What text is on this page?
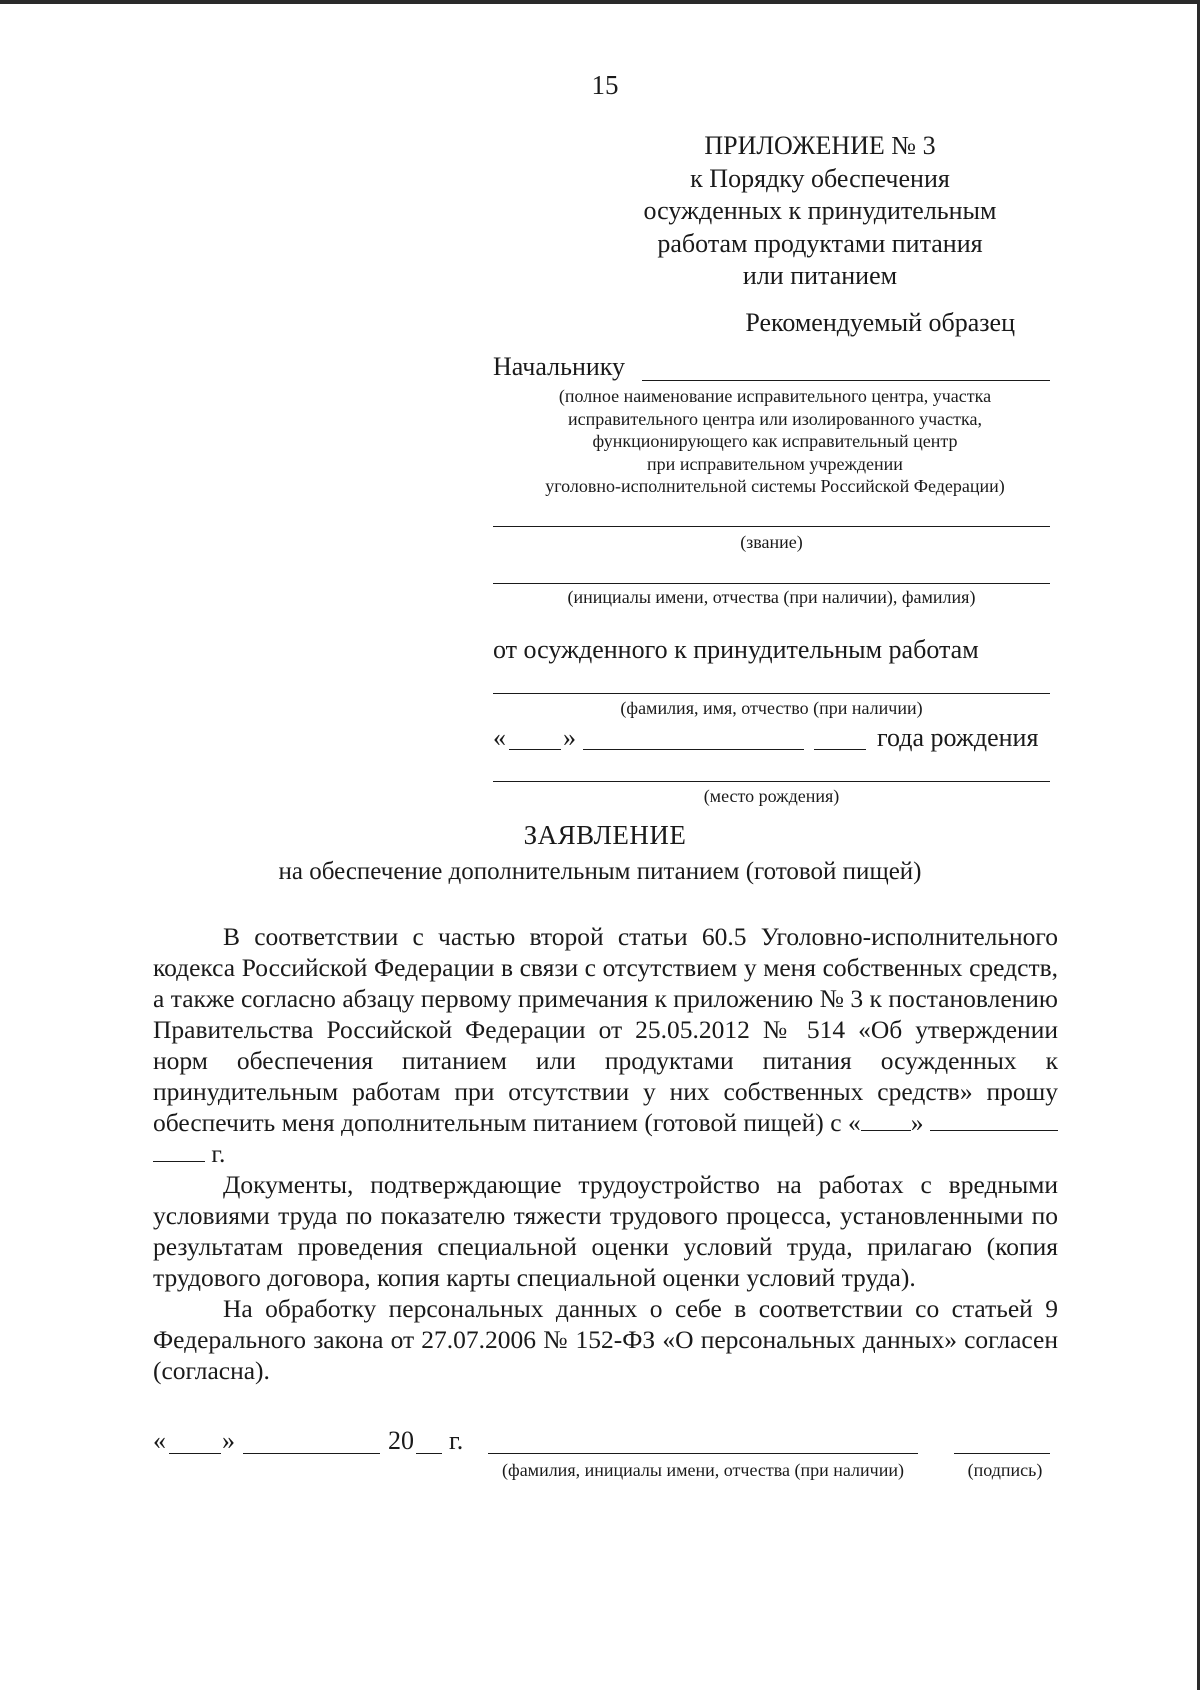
15
ПРИЛОЖЕНИЕ № 3
к Порядку обеспечения
осужденных к принудительным
работам продуктами питания
или питанием
Рекомендуемый образец
Начальнику
(полное наименование исправительного центра, участка
исправительного центра или изолированного участка,
функционирующего как исправительный центр
при исправительном учреждении
уголовно-исполнительной системы Российской Федерации)
(звание)
(инициалы имени, отчества (при наличии), фамилия)
от осужденного к принудительным работам
(фамилия, имя, отчество (при наличии)
« »	года рождения
(место рождения)
ЗАЯВЛЕНИЕ
на обеспечение дополнительным питанием (готовой пищей)

В соответствии с частью второй статьи 60.5 Уголовно-исполнительного кодекса Российской Федерации в связи с отсутствием у меня собственных средств, а также согласно абзацу первому примечания к приложению № 3 к постановлению Правительства Российской Федерации от 25.05.2012 № 514 «Об утверждении норм обеспечения питанием или продуктами питания осужденных к принудительным работам при отсутствии у них собственных средств» прошу обеспечить меня дополнительным питанием (готовой пищей) с « »   г.

Документы, подтверждающие трудоустройство на работах с вредными условиями труда по показателю тяжести трудового процесса, установленными по результатам проведения специальной оценки условий труда, прилагаю (копия трудового договора, копия карты специальной оценки условий труда).

На обработку персональных данных о себе в соответствии со статьей 9 Федерального закона от 27.07.2006 № 152-ФЗ «О персональных данных» согласен (согласна).

« »	20 г.
(фамилия, инициалы имени, отчества (при наличии)	(подпись)
